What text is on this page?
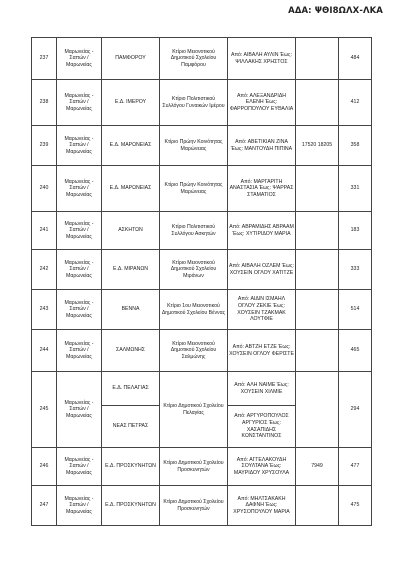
ΑΔΑ: ΨΘΙ8ΩΛΧ-ΛΚΑ
237	Μαρωνείας - Σαπών / Μαρωνείας	ΠΑΜΦΟΡΟΥ	Κτίριο Μειονοτικού Δημοτικού Σχολείου Παμφόρου	Από: ΑΙΒΑΛΗ ΑΥΛΙΝ Έως: ΨΙΛΛΑΚΗΣ ΧΡΗΣΤΟΣ		484
238	Μαρωνείας - Σαπών / Μαρωνείας	Ε.Δ. ΙΜΕΡΟΥ	Κτίριο Πολιτιστικού Συλλόγου Γυναικών Ιμέρου	Από: ΑΛΕΞΑΝΔΡΙΔΗ ΕΛΕΝΗ Έως: ΦΑΡΡΟΠΟΥΛΟΥ ΕΥΘΑΛΙΑ		412
239	Μαρωνείας - Σαπών / Μαρωνείας	Ε.Δ. ΜΑΡΩΝΕΙΑΣ	Κτίριο Πρώην Κοινότητας Μαρώνειας	Από: ΑΒΕΤΙΚΙΑΝ ΖΙΝΑ Έως: ΜΑΝΤΟΥΔΗ ΠΙΠΙΝΑ	17520 18205	358
240	Μαρωνείας - Σαπών / Μαρωνείας	Ε.Δ. ΜΑΡΩΝΕΙΑΣ	Κτίριο Πρώην Κοινότητας Μαρώνειας	Από: ΜΑΡΓΑΡΙΤΗ ΑΝΑΣΤΑΣΙΑ Έως: ΨΑΡΡΑΣ ΣΤΑΜΑΤΙΟΣ		331
241	Μαρωνείας - Σαπών / Μαρωνείας	ΑΣΚΗΤΩΝ	Κτίριο Πολιτιστικού Συλλόγου Ασκητών	Από: ΑΒΡΑΜΙΔΗΣ ΑΒΡΑΑΜ Έως: ΧΥΤΙΡΙΔΟΥ ΜΑΡΙΑ		183
242	Μαρωνείας - Σαπών / Μαρωνείας	Ε.Δ. ΜΙΡΑΝΩΝ	Κτίριο Μειονοτικού Δημοτικού Σχολείου Μιράνων	Από: ΑΙΒΑΛΗ ΟΖΛΕΜ Έως: ΧΟΥΣΕΙΝ ΟΓΛΟΥ ΧΑΤΙΤΖΕ		333
243	Μαρωνείας - Σαπών / Μαρωνείας	ΒΕΝΝΑ	Κτίριο 1ου Μειονοτικού Δημοτικού Σχολείου Βέννας	Από: ΑΙΔΙΝ ΙΣΜΑΗΛ ΟΓΛΟΥ ΖΕΚΙΕ Έως: ΧΟΥΣΕΙΝ ΤΖΑΚΜΑΚ ΛΟΥΤΦΙΕ		514
244	Μαρωνείας - Σαπών / Μαρωνείας	ΣΑΛΜΩΝΗΣ	Κτίριο Μειονοτικού Δημοτικού Σχολείου Σαλμώνης	Από: ΑΒΤΖΗ ΕΤΖΕ Έως: ΧΟΥΣΕΙΝ ΟΓΛΟΥ ΦΕΡΙΣΤΕ		465
245	Μαρωνείας - Σαπών / Μαρωνείας	Ε.Δ. ΠΕΛΑΓΙΑΣ	Κτίριο Δημοτικού Σχολείου Πελαγίας	Από: ΑΛΗ ΝΑΙΜΕ Έως: ΧΟΥΣΕΙΝ ΧΙΛΜΙΕ		294
		ΝΕΑΣ ΠΕΤΡΑΣ		Από: ΑΡΓΥΡΟΠΟΥΛΟΣ ΑΡΓΥΡΙΟΣ Έως: ΧΑΣΑΠΙΔΗΣ ΚΩΝΣΤΑΝΤΙΝΟΣ		
246	Μαρωνείας - Σαπών / Μαρωνείας	Ε.Δ. ΠΡΟΣΚΥΝΗΤΩΝ	Κτίριο Δημοτικού Σχολείου Προσκυνητών	Από: ΑΓΓΕΛΑΚΟΥΔΗ ΣΟΥΛΤΑΝΑ Έως: ΜΑΥΡΙΔΟΥ ΧΡΥΣΟΥΛΑ	7949	477
247	Μαρωνείας - Σαπών / Μαρωνείας	Ε.Δ. ΠΡΟΣΚΥΝΗΤΩΝ	Κτίριο Δημοτικού Σχολείου Προσκυνητών	Από: ΜΗΛΤΣΑΚΑΚΗ ΔΑΦΝΗ Έως: ΧΡΥΣΟΠΟΥΛΟΥ ΜΑΡΙΑ		475
